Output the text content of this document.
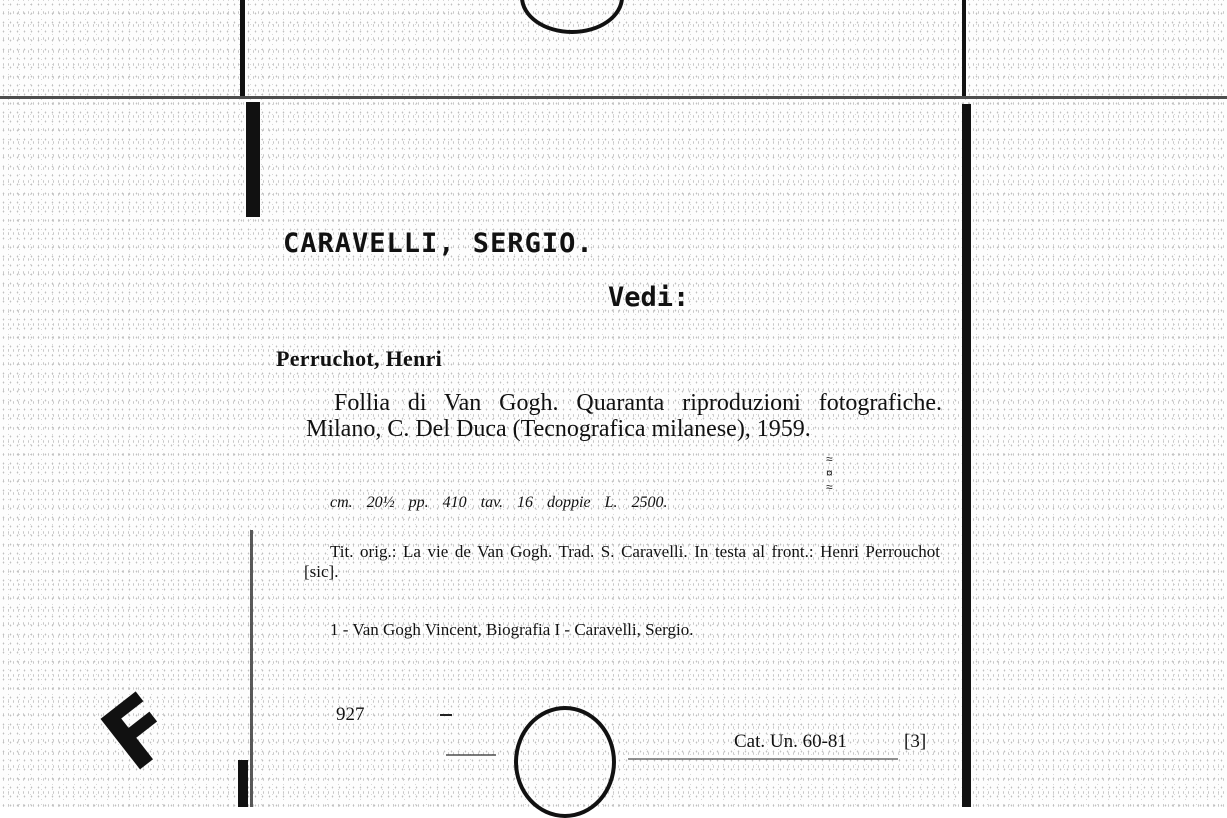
CARAVELLI, SERGIO.
Vedi:
Perruchot, Henri
Follia di Van Gogh. Quaranta riproduzioni fotografiche. Milano, C. Del Duca (Tecnografica milanese), 1959.
cm. 20½ pp. 410 tav. 16 doppie L. 2500.
Tit. orig.: La vie de Van Gogh. Trad. S. Caravelli. In testa al front.: Henri Perrouchot [sic].
1 - Van Gogh Vincent, Biografia I - Caravelli, Sergio.
≈
¤
≈
927
Cat. Un. 60-81	[3]
F
